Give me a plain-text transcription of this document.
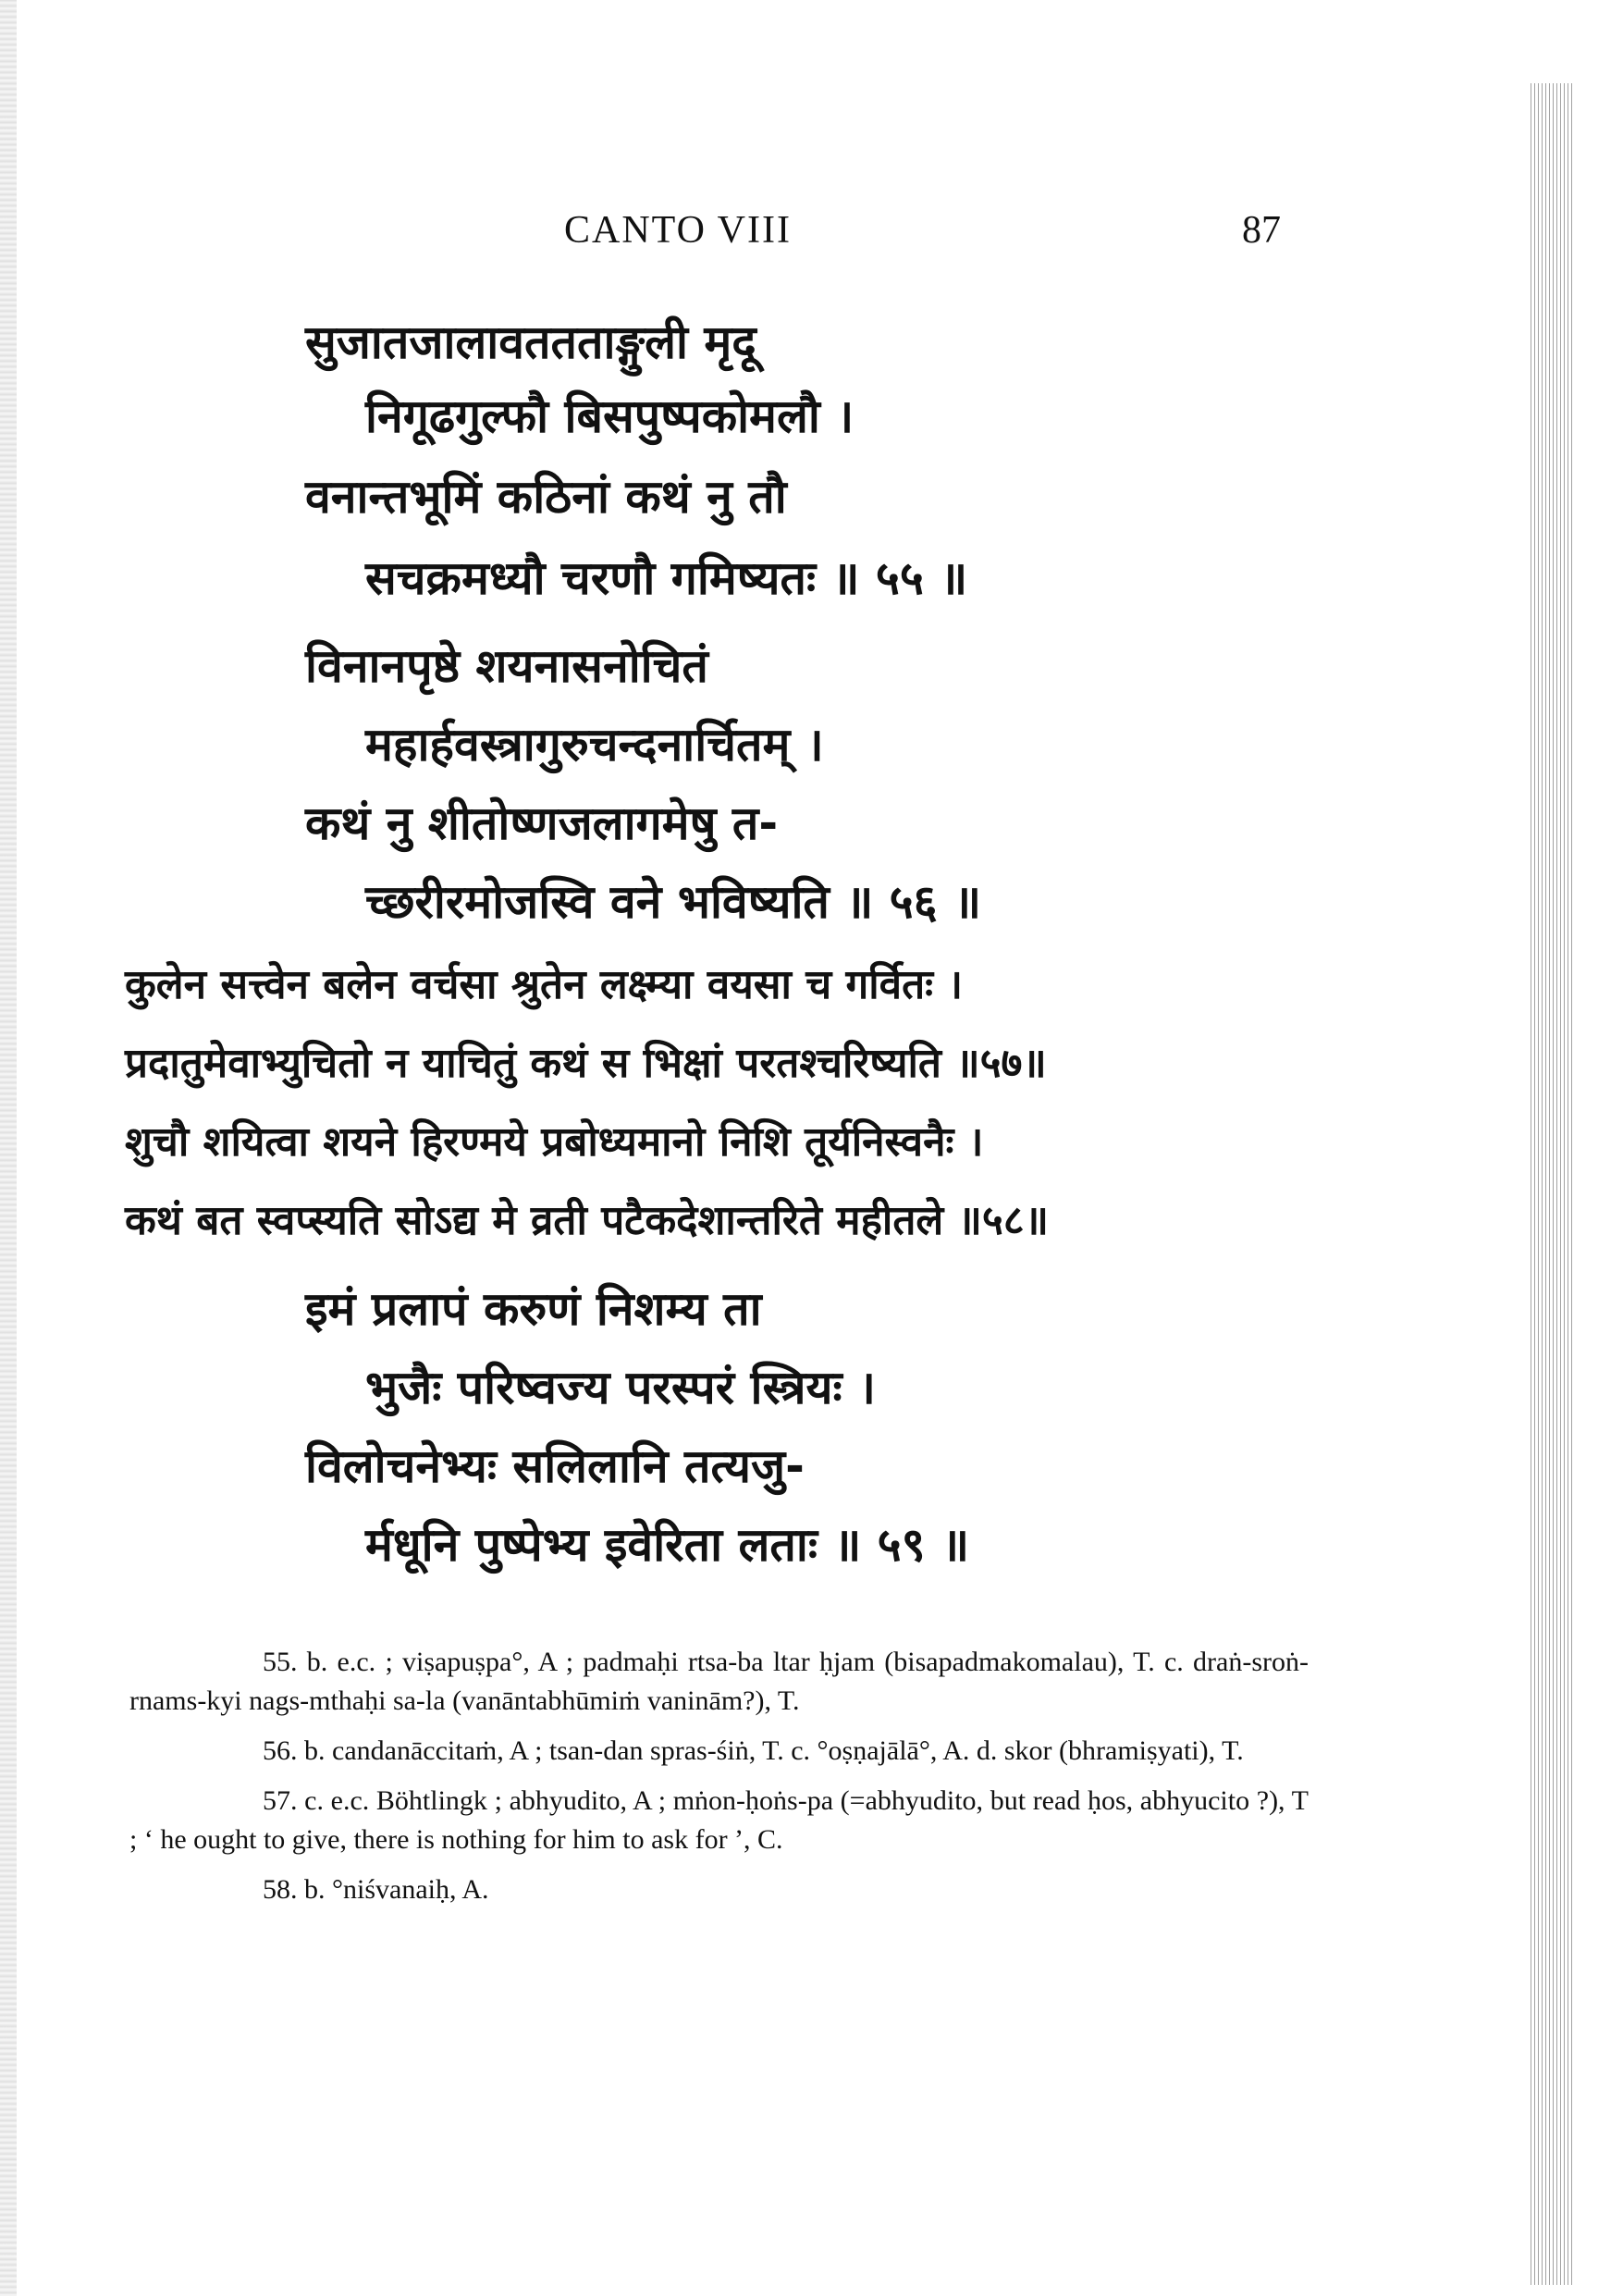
CANTO VIII	87
सुजातजालावततताङ्गुली मृदू
निगूढगुल्फौ बिसपुष्पकोमलौ ।
वनान्तभूमिं कठिनां कथं नु तौ
सचक्रमध्यौ चरणौ गमिष्यतः ॥ ५५ ॥
विनानपृष्ठे शयनासनोचितं
महार्हवस्त्रागुरुचन्दनार्चितम् ।
कथं नु शीतोष्णजलागमेषु त-
च्छरीरमोजस्वि वने भविष्यति ॥ ५६ ॥
कुलेन सत्त्वेन बलेन वर्चसा श्रुतेन लक्ष्म्या वयसा च गर्वितः ।
प्रदातुमेवाभ्युचितो न याचितुं कथं स भिक्षां परतश्चरिष्यति ॥५७॥
शुचौ शयित्वा शयने हिरण्मये प्रबोध्यमानो निशि तूर्यनिस्वनैः ।
कथं बत स्वप्स्यति सोऽद्य मे व्रती पटैकदेशान्तरिते महीतले ॥५८॥
इमं प्रलापं करुणं निशम्य ता
भुजैः परिष्वज्य परस्परं स्त्रियः ।
विलोचनेभ्यः सलिलानि तत्यजु-
र्मधूनि पुष्पेभ्य इवेरिता लताः ॥ ५९ ॥

55. b. e.c. ; viṣapuṣpa°, A ; padmaḥi rtsa-ba ltar ḥjam (bisapadmakomalau), T. c. draṅ-sroṅ-rnams-kyi nags-mthaḥi sa-la (vanāntabhūmiṁ vaninām?), T.

56. b. candanāccitaṁ, A ; tsan-dan spras-śiṅ, T. c. °oṣṇajālā°, A. d. skor (bhramiṣyati), T.

57. c. e.c. Böhtlingk ; abhyudito, A ; mṅon-ḥoṅs-pa (=abhyudito, but read ḥos, abhyucito ?), T ; ‘ he ought to give, there is nothing for him to ask for ’, C.

58. b. °niśvanaiḥ, A.
